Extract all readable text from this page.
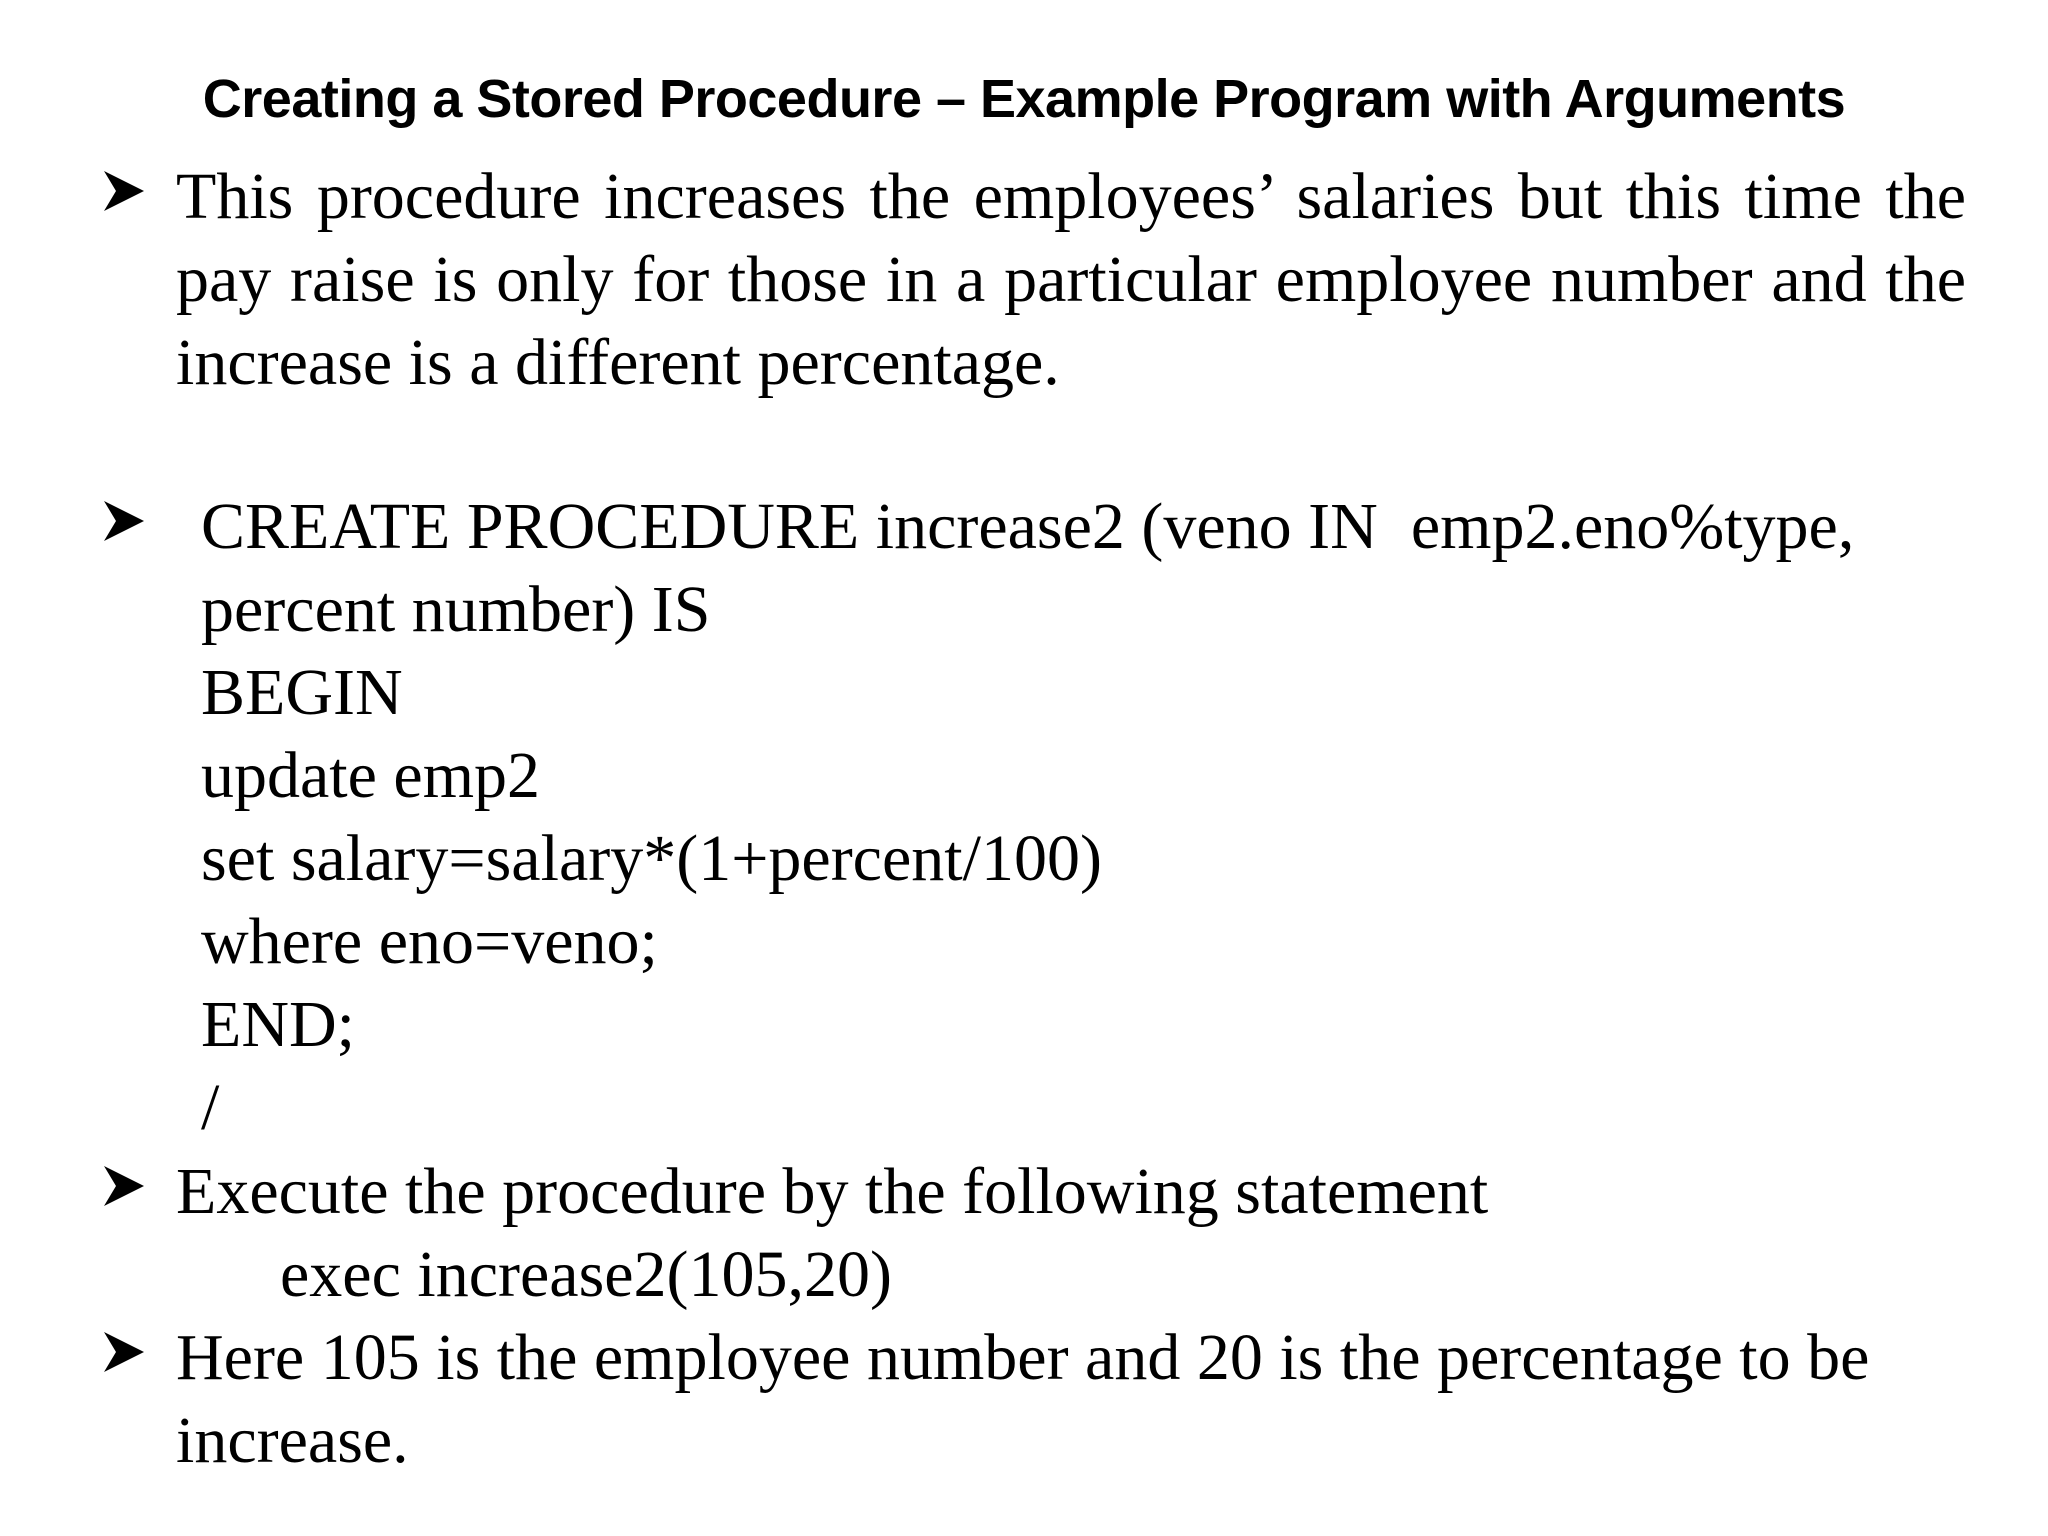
Creating a Stored Procedure – Example Program with Arguments
This procedure increases the employees’ salaries but this time the pay raise is only for those in a particular employee number and the increase is a different percentage.
CREATE PROCEDURE increase2 (veno IN  emp2.eno%type,
percent number) IS
BEGIN
update emp2
set salary=salary*(1+percent/100)
where eno=veno;
END;
/
Execute the procedure by the following statement
exec increase2(105,20)
Here 105 is the employee number and 20 is the percentage to be increase.
